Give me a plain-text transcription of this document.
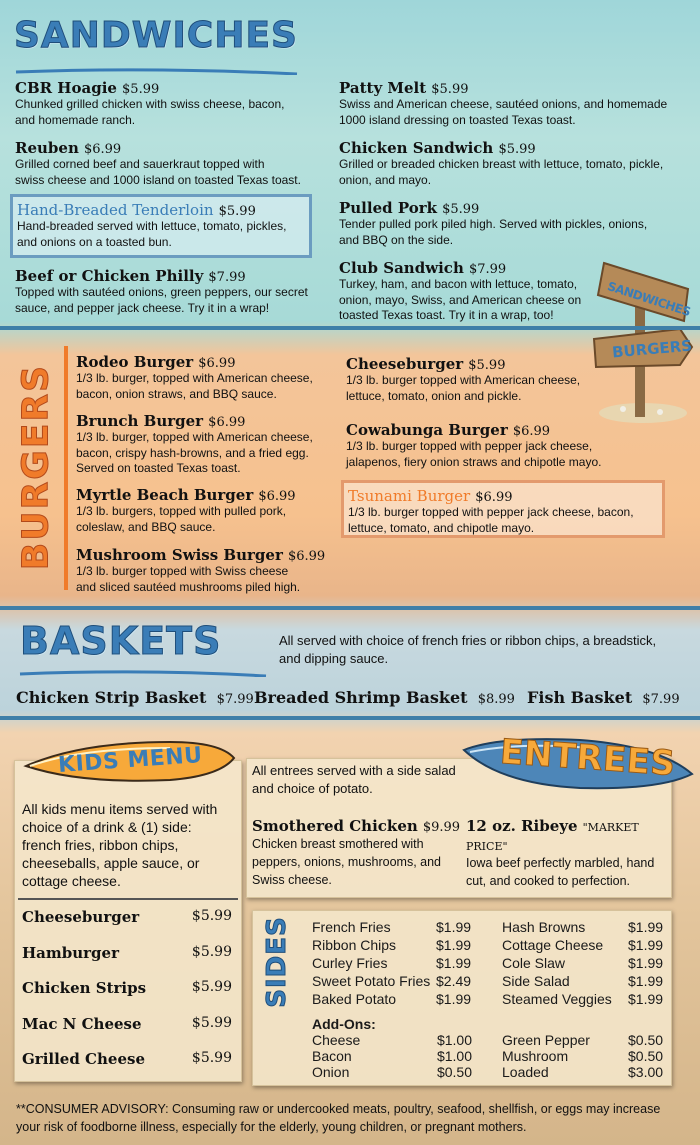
SANDWICHES
CBR Hoagie $5.99
Chunked grilled chicken with swiss cheese, bacon,
and homemade ranch.
Reuben $6.99
Grilled corned beef and sauerkraut topped with
swiss cheese and 1000 island on toasted Texas toast.
Hand-Breaded Tenderloin $5.99
Hand-breaded served with lettuce, tomato, pickles,
and onions on a toasted bun.
Beef or Chicken Philly $7.99
Topped with sautéed onions, green peppers, our secret
sauce, and pepper jack cheese. Try it in a wrap!
Patty Melt $5.99
Swiss and American cheese, sautéed onions, and homemade
1000 island dressing on toasted Texas toast.
Chicken Sandwich $5.99
Grilled or breaded chicken breast with lettuce, tomato, pickle,
onion, and mayo.
Pulled Pork $5.99
Tender pulled pork piled high. Served with pickles, onions,
and BBQ on the side.
Club Sandwich $7.99
Turkey, ham, and bacon with lettuce, tomato,
onion, mayo, Swiss, and American cheese on
toasted Texas toast. Try it in a wrap, too!	SANDWICHES
BURGERS
BURGERS
Rodeo Burger $6.99
1/3 lb. burger, topped with American cheese,
bacon, onion straws, and BBQ sauce.
Brunch Burger $6.99
1/3 lb. burger, topped with American cheese,
bacon, crispy hash-browns, and a fried egg.
Served on toasted Texas toast.
Myrtle Beach Burger $6.99
1/3 lb. burgers, topped with pulled pork,
coleslaw, and BBQ sauce.
Mushroom Swiss Burger $6.99
1/3 lb. burger topped with Swiss cheese
and sliced sautéed mushrooms piled high.
Cheeseburger $5.99
1/3 lb. burger topped with American cheese,
lettuce, tomato, onion and pickle.
Cowabunga Burger $6.99
1/3 lb. burger topped with pepper jack cheese,
jalapenos, fiery onion straws and chipotle mayo.
Tsunami Burger $6.99
1/3 lb. burger topped with pepper jack cheese, bacon,
lettuce, tomato, and chipotle mayo.
BASKETS	All served with choice of french fries or ribbon chips, a breadstick,
and dipping sauce.
Chicken Strip Basket $7.99 Breaded Shrimp Basket $8.99 Fish Basket $7.99
KIDS MENU
All kids menu items served with
choice of a drink & (1) side:
french fries, ribbon chips,
cheeseballs, apple sauce, or
cottage cheese.
Cheeseburger	$5.99
Hamburger	$5.99
Chicken Strips	$5.99
Mac N Cheese	$5.99
Grilled Cheese	$5.99
ENTREES
All entrees served with a side salad
and choice of potato.
Smothered Chicken $9.99
Chicken breast smothered with
peppers, onions, mushrooms, and
Swiss cheese.
12 oz. Ribeye "MARKET PRICE"
Iowa beef perfectly marbled, hand
cut, and cooked to perfection.
SIDES French Fries	$1.99
Ribbon Chips	$1.99
Curley Fries	$1.99
Sweet Potato Fries $2.49
Baked Potato	$1.99
Hash Browns	$1.99
Cottage Cheese	$1.99
Cole Slaw	$1.99
Side Salad	$1.99
Steamed Veggies	$1.99
Add-Ons:
Cheese	$1.00
Bacon	$1.00
Onion	$0.50
Green Pepper	$0.50
Mushroom	$0.50
Loaded	$3.00
**CONSUMER ADVISORY: Consuming raw or undercooked meats, poultry, seafood, shellfish, or eggs may increase
your risk of foodborne illness, especially for the elderly, young children, or pregnant mothers.
